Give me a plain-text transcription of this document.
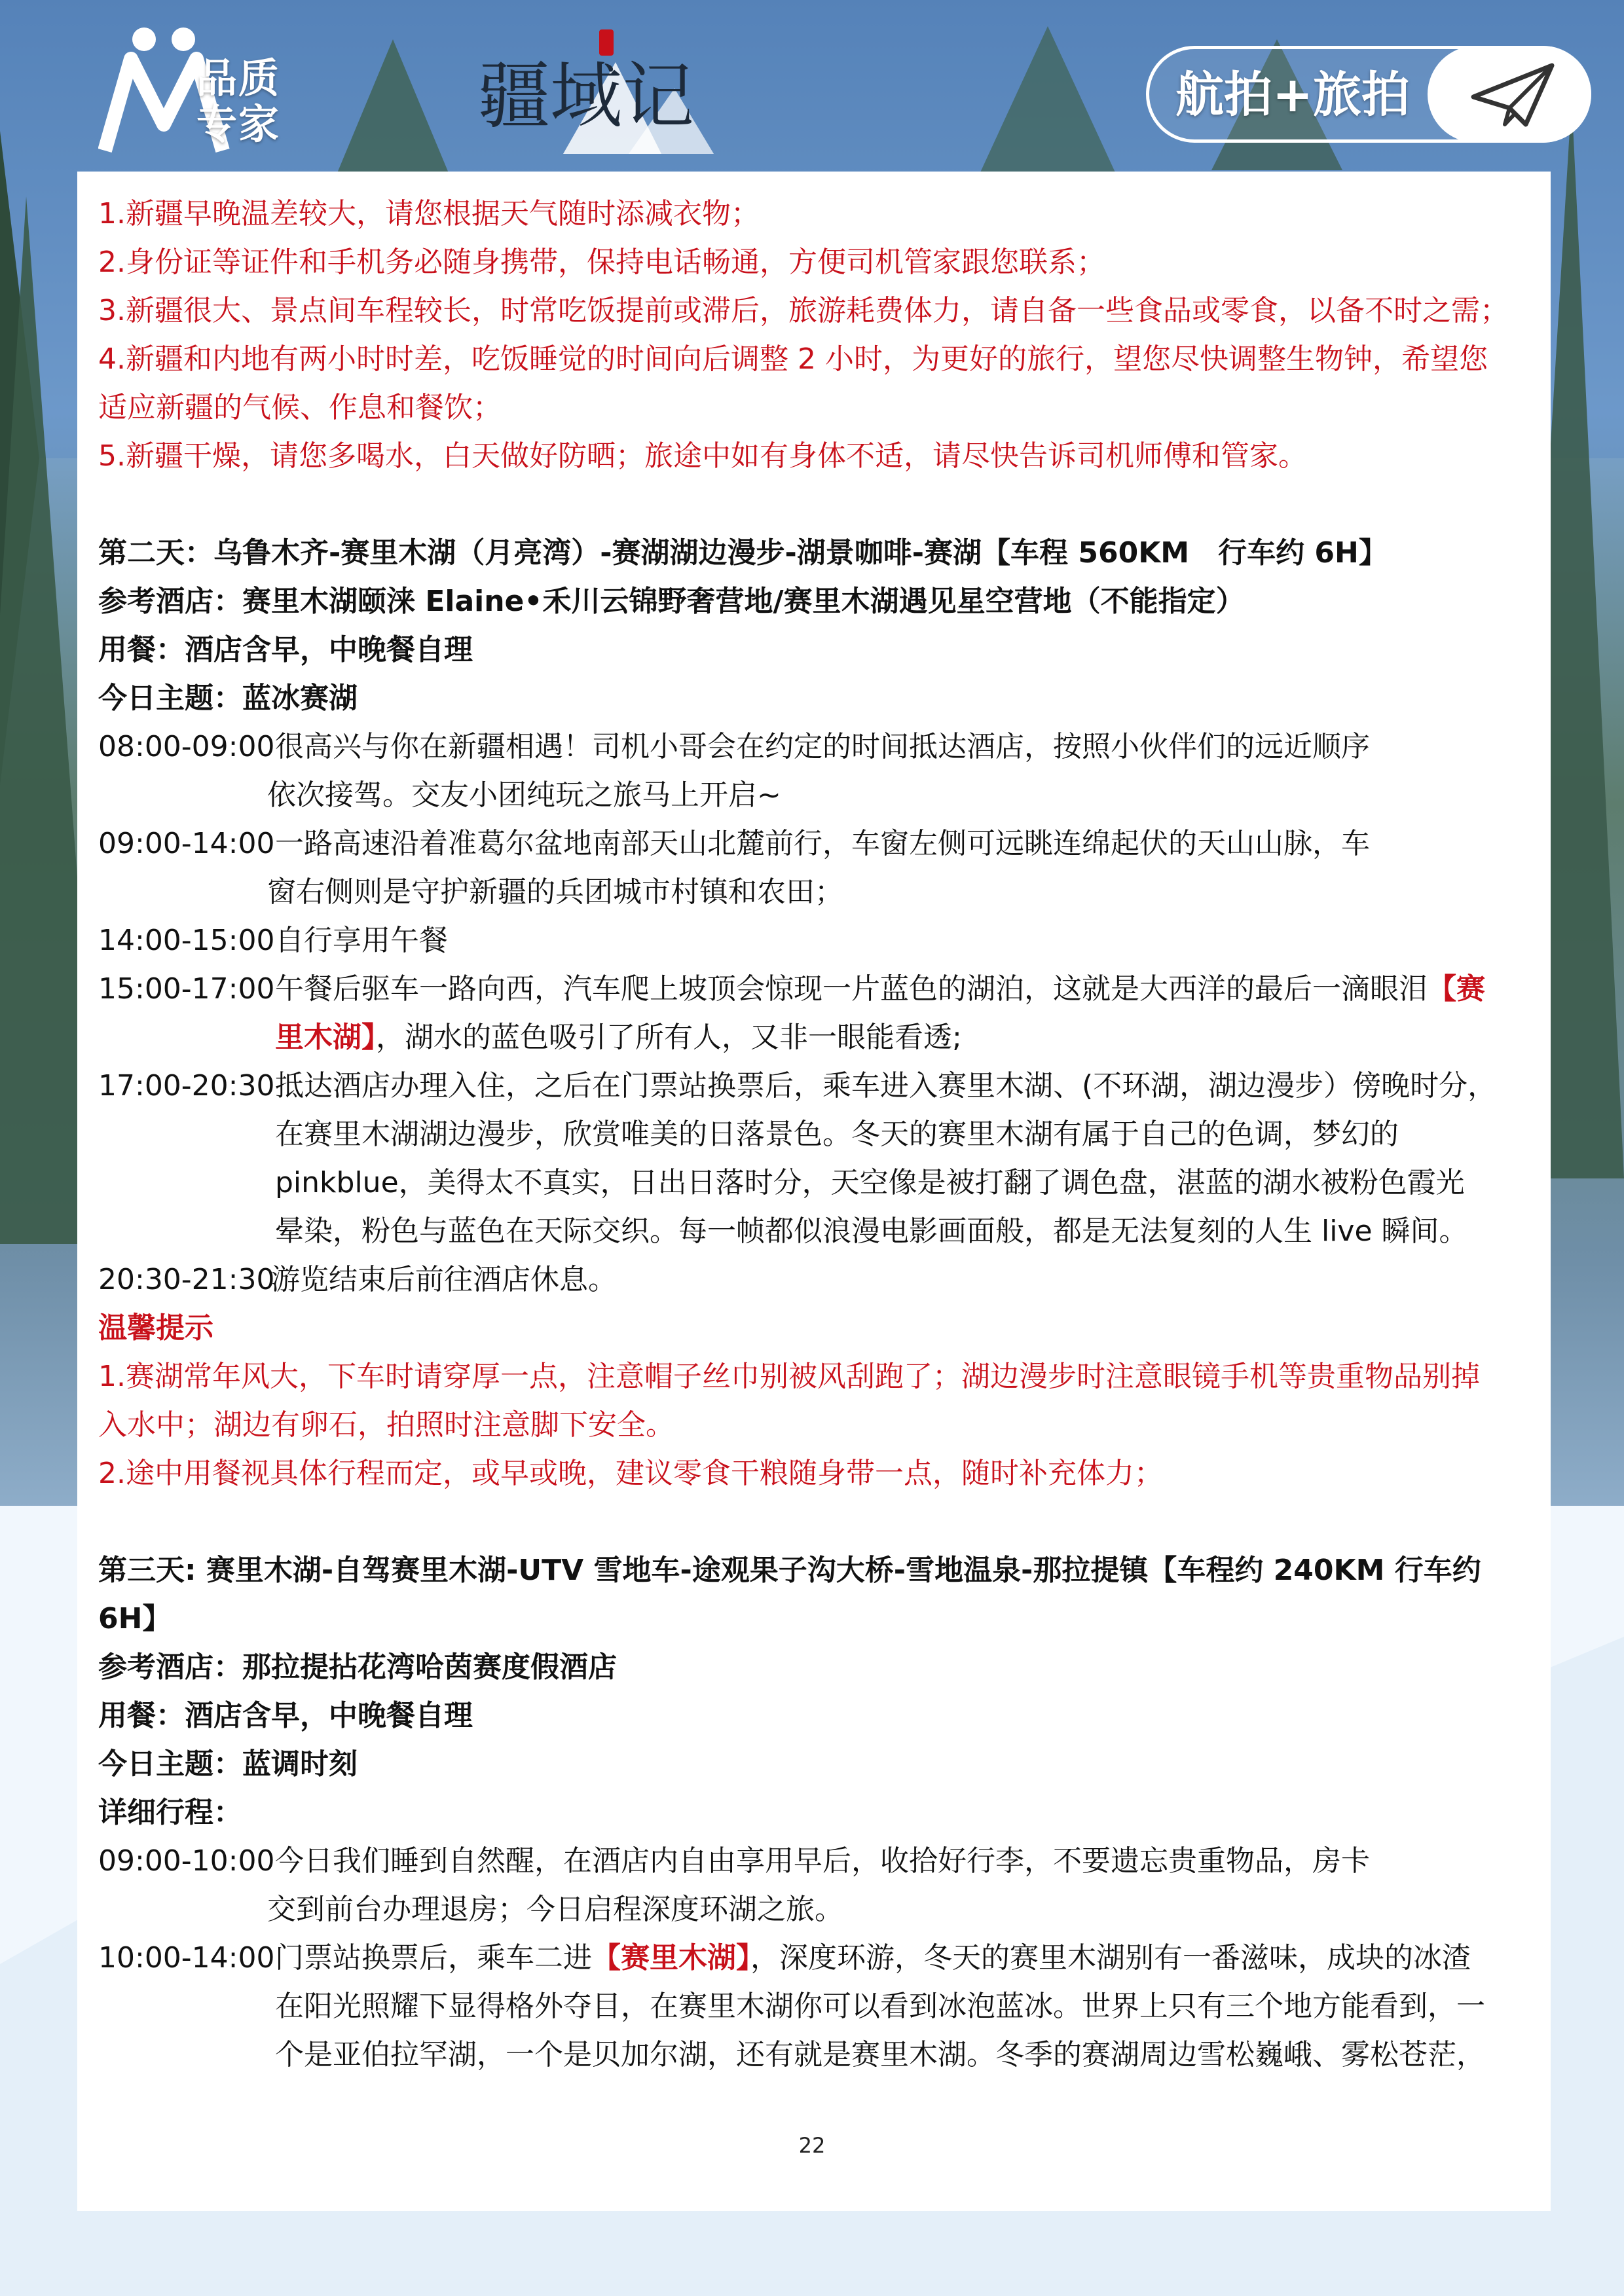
品质
专家	疆域记	航拍+旅拍
1.新疆早晚温差较大，请您根据天气随时添减衣物；
2.身份证等证件和手机务必随身携带，保持电话畅通，方便司机管家跟您联系；
3.新疆很大、景点间车程较长，时常吃饭提前或滞后，旅游耗费体力，请自备一些食品或零食，以备不时之需；
4.新疆和内地有两小时时差，吃饭睡觉的时间向后调整 2 小时，为更好的旅行，望您尽快调整生物钟，希望您
适应新疆的气候、作息和餐饮；
5.新疆干燥，请您多喝水，白天做好防晒；旅途中如有身体不适，请尽快告诉司机师傅和管家。
第二天：乌鲁木齐-赛里木湖（月亮湾）-赛湖湖边漫步-湖景咖啡-赛湖【车程 560KM　行车约 6H】
参考酒店：赛里木湖颐涞 Elaine•禾川云锦野奢营地/赛里木湖遇见星空营地（不能指定）
用餐：酒店含早，中晚餐自理
今日主题：蓝冰赛湖
08:00-09:00 很高兴与你在新疆相遇！司机小哥会在约定的时间抵达酒店，按照小伙伴们的远近顺序
依次接驾。交友小团纯玩之旅马上开启~
09:00-14:00 一路高速沿着准葛尔盆地南部天山北麓前行，车窗左侧可远眺连绵起伏的天山山脉，车
窗右侧则是守护新疆的兵团城市村镇和农田；
14:00-15:00 自行享用午餐
15:00-17:00 午餐后驱车一路向西，汽车爬上坡顶会惊现一片蓝色的湖泊，这就是大西洋的最后一滴眼泪【赛
里木湖】，湖水的蓝色吸引了所有人，又非一眼能看透;
17:00-20:30 抵达酒店办理入住，之后在门票站换票后，乘车进入赛里木湖、(不环湖，湖边漫步）傍晚时分，
在赛里木湖湖边漫步，欣赏唯美的日落景色。冬天的赛里木湖有属于自己的色调，梦幻的
pinkblue，美得太不真实，日出日落时分，天空像是被打翻了调色盘，湛蓝的湖水被粉色霞光
晕染，粉色与蓝色在天际交织。每一帧都似浪漫电影画面般，都是无法复刻的人生 live 瞬间。
20:30-21:30
游览结束后前往酒店休息。
温馨提示
1.赛湖常年风大，下车时请穿厚一点，注意帽子丝巾别被风刮跑了；湖边漫步时注意眼镜手机等贵重物品别掉
入水中；湖边有卵石，拍照时注意脚下安全。
2.途中用餐视具体行程而定，或早或晚，建议零食干粮随身带一点，随时补充体力；
第三天: 赛里木湖-自驾赛里木湖-UTV 雪地车-途观果子沟大桥-雪地温泉-那拉提镇【车程约 240KM 行车约
6H】
参考酒店：那拉提拈花湾哈茵赛度假酒店
用餐：酒店含早，中晚餐自理
今日主题：蓝调时刻
详细行程：
09:00-10:00 今日我们睡到自然醒，在酒店内自由享用早后，收拾好行李，不要遗忘贵重物品，房卡
交到前台办理退房；今日启程深度环湖之旅。
10:00-14:00 门票站换票后，乘车二进【赛里木湖】，深度环游，冬天的赛里木湖别有一番滋味，成块的冰渣
在阳光照耀下显得格外夺目，在赛里木湖你可以看到冰泡蓝冰。世界上只有三个地方能看到，一
个是亚伯拉罕湖，一个是贝加尔湖，还有就是赛里木湖。冬季的赛湖周边雪松巍峨、雾松苍茫，
22
